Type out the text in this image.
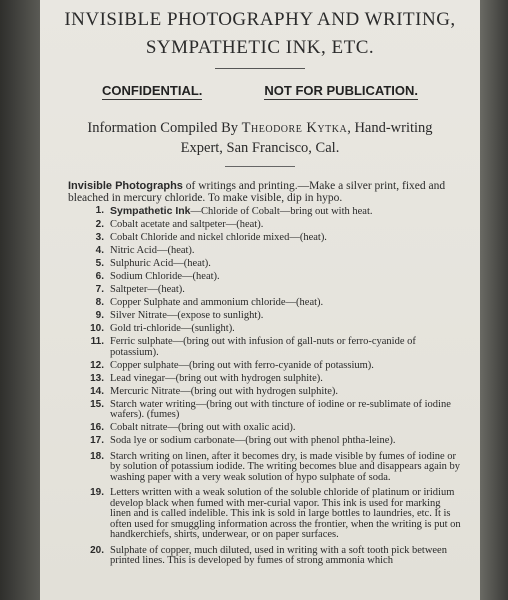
INVISIBLE PHOTOGRAPHY AND WRITING,
SYMPATHETIC INK, ETC.
CONFIDENTIAL.	NOT FOR PUBLICATION.
Information Compiled By Theodore Kytka, Hand-writing Expert, San Francisco, Cal.
Invisible Photographs of writings and printing.—Make a silver print, fixed and bleached in mercury chloride. To make visible, dip in hypo.
1. Sympathetic Ink—Chloride of Cobalt—bring out with heat.
2. Cobalt acetate and saltpeter—(heat).
3. Cobalt Chloride and nickel chloride mixed—(heat).
4. Nitric Acid—(heat).
5. Sulphuric Acid—(heat).
6. Sodium Chloride—(heat).
7. Saltpeter—(heat).
8. Copper Sulphate and ammonium chloride—(heat).
9. Silver Nitrate—(expose to sunlight).
10. Gold tri-chloride—(sunlight).
11. Ferric sulphate—(bring out with infusion of gall-nuts or ferro-cyanide of potassium).
12. Copper sulphate—(bring out with ferro-cyanide of potassium).
13. Lead vinegar—(bring out with hydrogen sulphite).
14. Mercuric Nitrate—(bring out with hydrogen sulphite).
15. Starch water writing—(bring out with tincture of iodine or re-sublimate of iodine wafers). (fumes)
16. Cobalt nitrate—(bring out with oxalic acid).
17. Soda lye or sodium carbonate—(bring out with phenol phtha-leine).
18. Starch writing on linen, after it becomes dry, is made visible by fumes of iodine or by solution of potassium iodide. The writing becomes blue and disappears again by washing paper with a very weak solution of hypo sulphate of soda.
19. Letters written with a weak solution of the soluble chloride of platinum or iridium develop black when fumed with mer-curial vapor. This ink is used for marking linen and is called indelible. This ink is sold in large bottles to laundries, etc. It is often used for smuggling information across the frontier, when the writing is put on handkerchiefs, shirts, underwear, or on paper surfaces.
20. Sulphate of copper, much diluted, used in writing with a soft tooth pick between printed lines. This is developed by fumes of strong ammonia which
